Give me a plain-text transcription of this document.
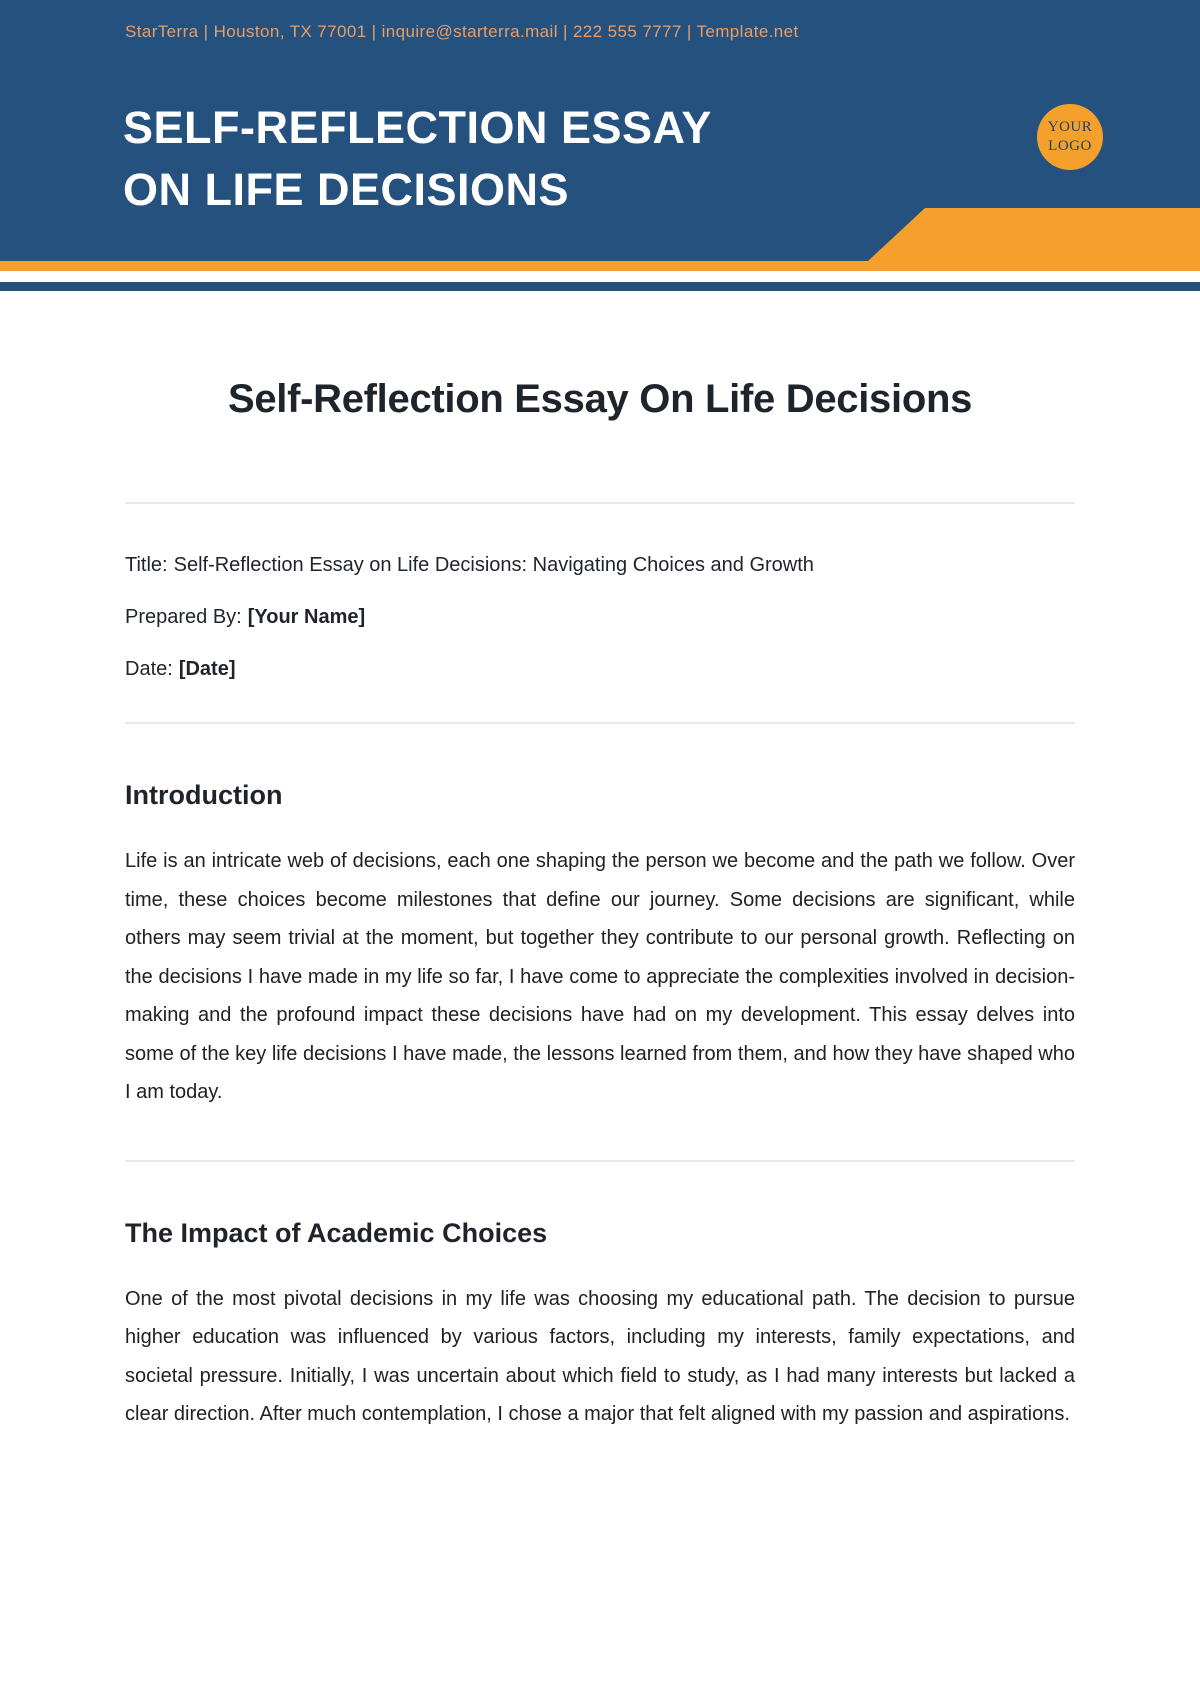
StarTerra | Houston, TX 77001 | inquire@starterra.mail | 222 555 7777 | Template.net
SELF-REFLECTION ESSAY
ON LIFE DECISIONS
YOUR
LOGO
Self-Reflection Essay On Life Decisions

Title: Self-Reflection Essay on Life Decisions: Navigating Choices and Growth

Prepared By: [Your Name]

Date: [Date]

Introduction

Life is an intricate web of decisions, each one shaping the person we become and the path we follow. Over time, these choices become milestones that define our journey. Some decisions are significant, while others may seem trivial at the moment, but together they contribute to our personal growth. Reflecting on the decisions I have made in my life so far, I have come to appreciate the complexities involved in decision-making and the profound impact these decisions have had on my development. This essay delves into some of the key life decisions I have made, the lessons learned from them, and how they have shaped who I am today.

The Impact of Academic Choices

One of the most pivotal decisions in my life was choosing my educational path. The decision to pursue higher education was influenced by various factors, including my interests, family expectations, and societal pressure. Initially, I was uncertain about which field to study, as I had many interests but lacked a clear direction. After much contemplation, I chose a major that felt aligned with my passion and aspirations.
